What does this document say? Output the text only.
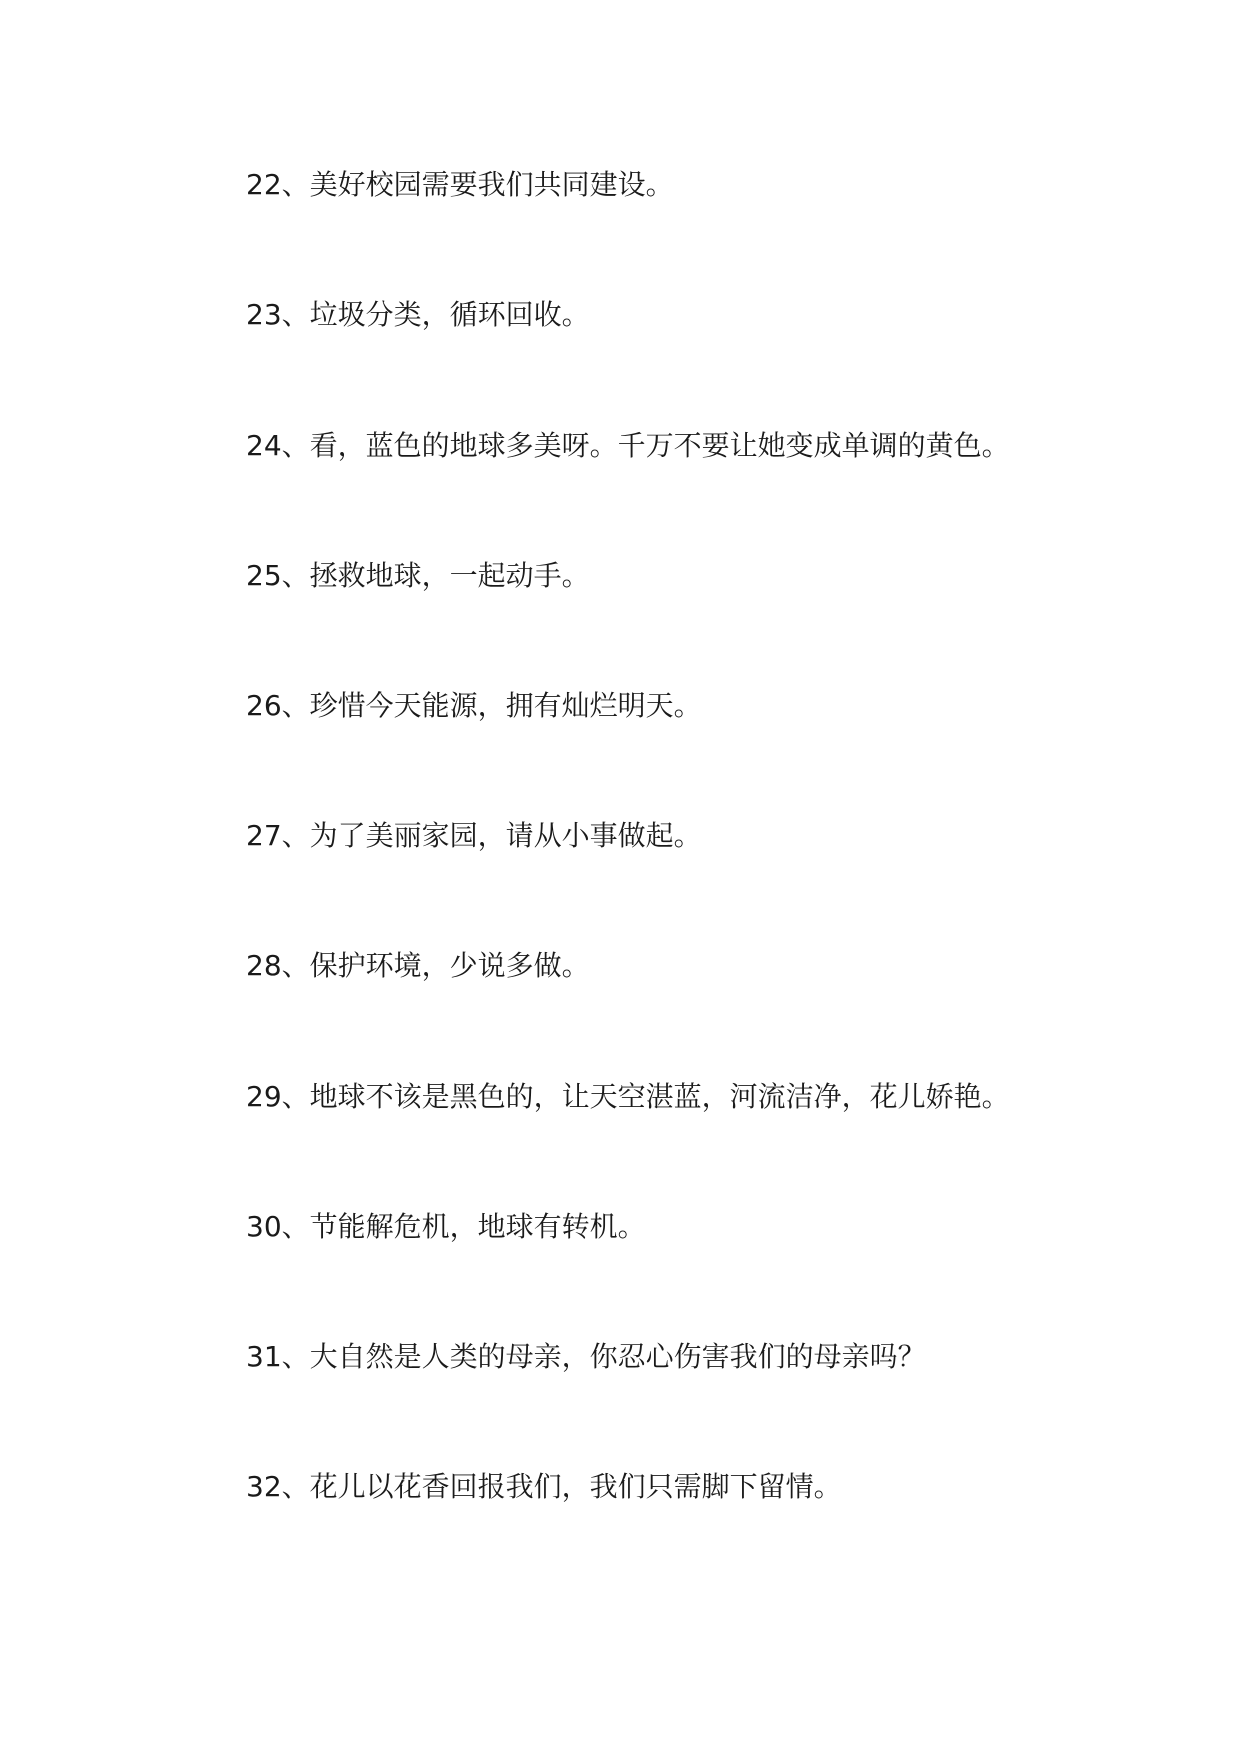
22、美好校园需要我们共同建设。
23、垃圾分类，循环回收。
24、看，蓝色的地球多美呀。千万不要让她变成单调的黄色。
25、拯救地球，一起动手。
26、珍惜今天能源，拥有灿烂明天。
27、为了美丽家园，请从小事做起。
28、保护环境，少说多做。
29、地球不该是黑色的，让天空湛蓝，河流洁净，花儿娇艳。
30、节能解危机，地球有转机。
31、大自然是人类的母亲，你忍心伤害我们的母亲吗？
32、花儿以花香回报我们，我们只需脚下留情。
